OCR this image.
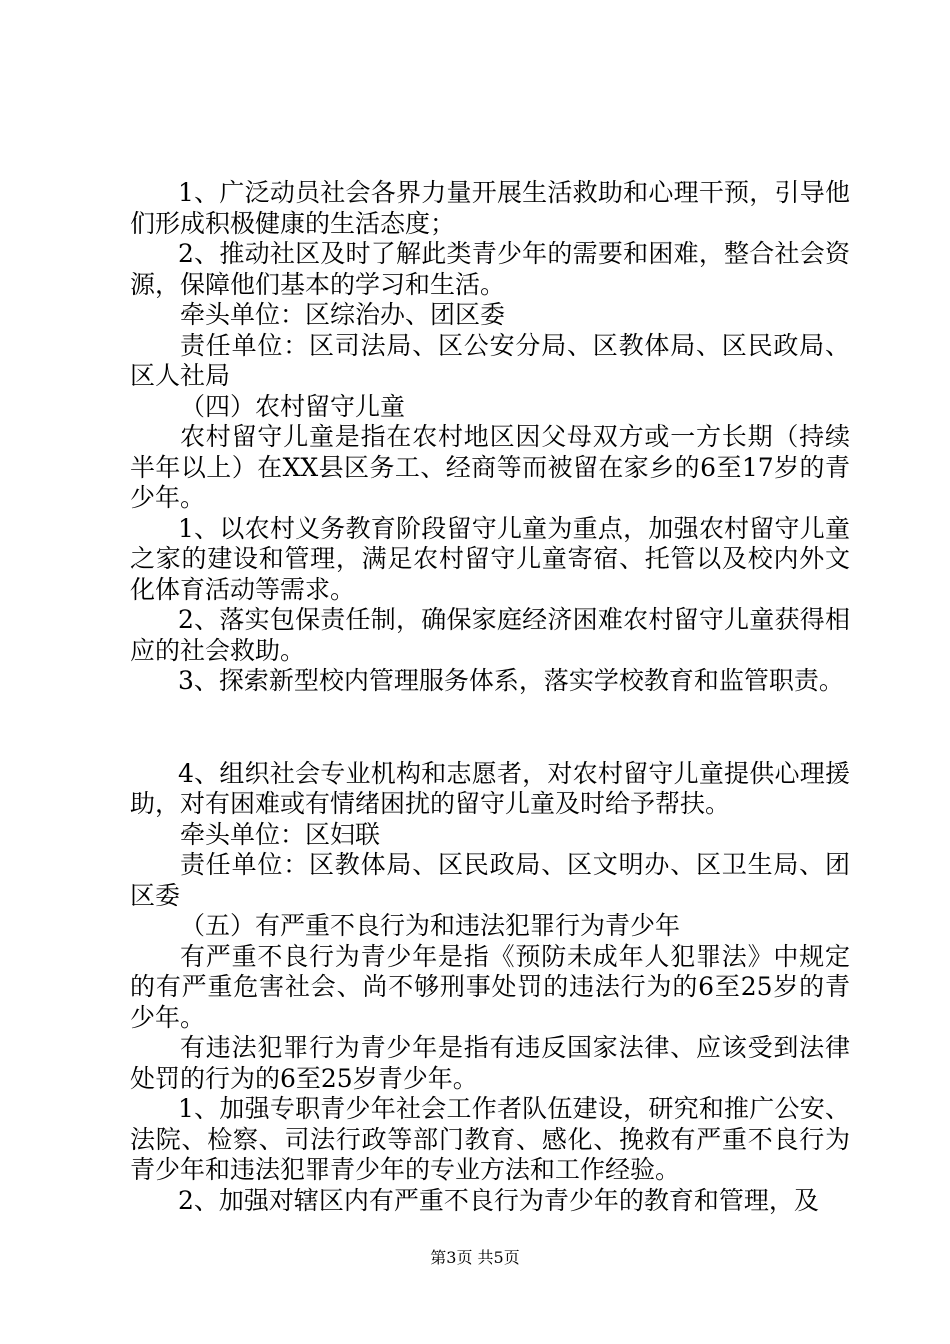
1、广泛动员社会各界力量开展生活救助和心理干预，引导他们形成积极健康的生活态度；

2、推动社区及时了解此类青少年的需要和困难，整合社会资源，保障他们基本的学习和生活。

牵头单位：区综治办、团区委

责任单位：区司法局、区公安分局、区教体局、区民政局、区人社局

（四）农村留守儿童

农村留守儿童是指在农村地区因父母双方或一方长期（持续半年以上）在XX县区务工、经商等而被留在家乡的6至17岁的青少年。

1、以农村义务教育阶段留守儿童为重点，加强农村留守儿童之家的建设和管理，满足农村留守儿童寄宿、托管以及校内外文化体育活动等需求。

2、落实包保责任制，确保家庭经济困难农村留守儿童获得相应的社会救助。

3、探索新型校内管理服务体系，落实学校教育和监管职责。

4、组织社会专业机构和志愿者，对农村留守儿童提供心理援助，对有困难或有情绪困扰的留守儿童及时给予帮扶。

牵头单位：区妇联

责任单位：区教体局、区民政局、区文明办、区卫生局、团区委

（五）有严重不良行为和违法犯罪行为青少年

有严重不良行为青少年是指《预防未成年人犯罪法》中规定的有严重危害社会、尚不够刑事处罚的违法行为的6至25岁的青少年。

有违法犯罪行为青少年是指有违反国家法律、应该受到法律处罚的行为的6至25岁青少年。

1、加强专职青少年社会工作者队伍建设，研究和推广公安、法院、检察、司法行政等部门教育、感化、挽救有严重不良行为青少年和违法犯罪青少年的专业方法和工作经验。

2、加强对辖区内有严重不良行为青少年的教育和管理，及

第3页 共5页
